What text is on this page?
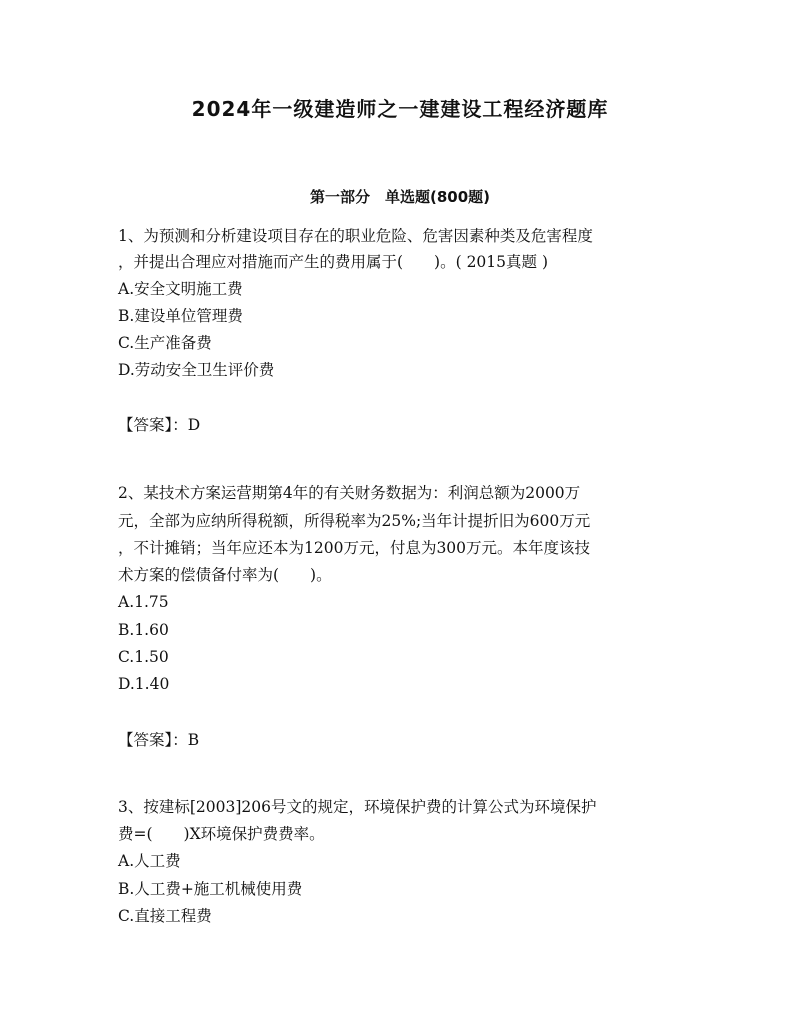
2024年一级建造师之一建建设工程经济题库
第一部分　单选题(800题)

1、为预测和分析建设项目存在的职业危险、危害因素种类及危害程度

，并提出合理应对措施而产生的费用属于(　　)。( 2015真题 )

A.安全文明施工费

B.建设单位管理费

C.生产准备费

D.劳动安全卫生评价费

【答案】：D

2、某技术方案运营期第4年的有关财务数据为：利润总额为2000万

元，全部为应纳所得税额，所得税率为25%;当年计提折旧为600万元

，不计摊销；当年应还本为1200万元，付息为300万元。本年度该技

术方案的偿债备付率为(　　)。

A.1.75

B.1.60

C.1.50

D.1.40

【答案】：B

3、按建标[2003]206号文的规定，环境保护费的计算公式为环境保护

费=(　　)X环境保护费费率。

A.人工费

B.人工费+施工机械使用费

C.直接工程费
